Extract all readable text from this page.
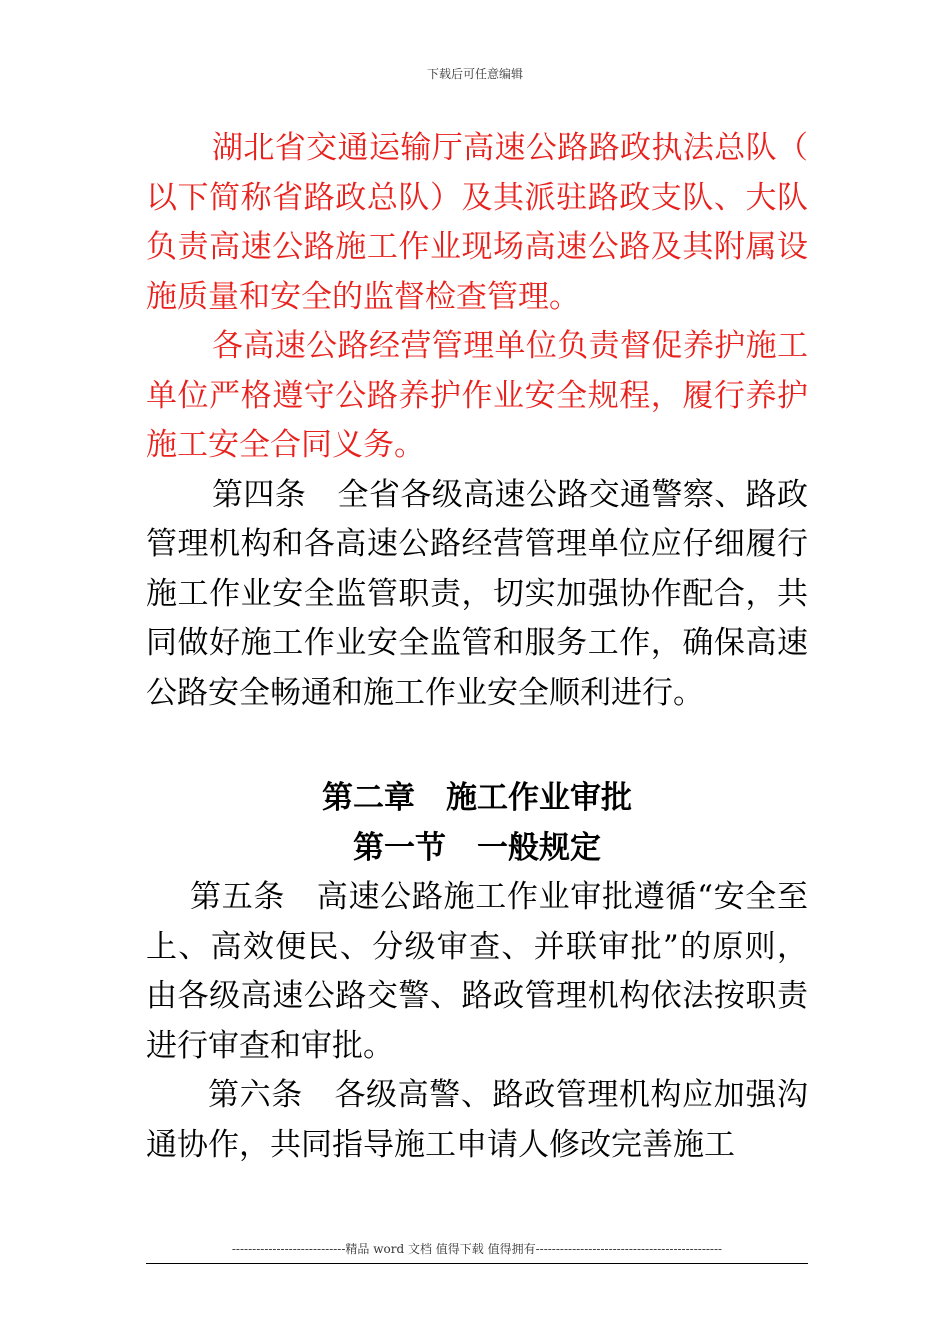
下载后可任意编辑

湖北省交通运输厅高速公路路政执法总队（以下简称省路政总队）及其派驻路政支队、大队负责高速公路施工作业现场高速公路及其附属设施质量和安全的监督检查管理。

各高速公路经营管理单位负责督促养护施工单位严格遵守公路养护作业安全规程，履行养护施工安全合同义务。

第四条　全省各级高速公路交通警察、路政管理机构和各高速公路经营管理单位应仔细履行施工作业安全监管职责，切实加强协作配合，共同做好施工作业安全监管和服务工作，确保高速公路安全畅通和施工作业安全顺利进行。

第二章　施工作业审批
第一节　一般规定

第五条　高速公路施工作业审批遵循“安全至上、高效便民、分级审查、并联审批”的原则，由各级高速公路交警、路政管理机构依法按职责进行审查和审批。

第六条　各级高警、路政管理机构应加强沟通协作，共同指导施工申请人修改完善施工

----------------------------精品 word 文档 值得下载 值得拥有----------------------------------------------
